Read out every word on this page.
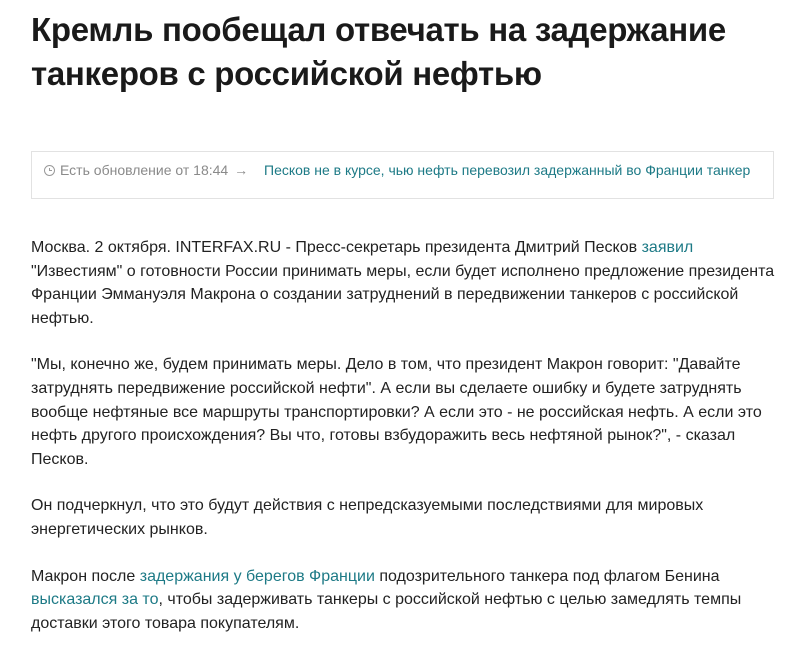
Кремль пообещал отвечать на задержание танкеров с российской нефтью
Есть обновление от 18:44 → Песков не в курсе, чью нефть перевозил задержанный во Франции танкер

Москва. 2 октября. INTERFAX.RU - Пресс-секретарь президента Дмитрий Песков заявил "Известиям" о готовности России принимать меры, если будет исполнено предложение президента Франции Эммануэля Макрона о создании затруднений в передвижении танкеров с российской нефтью.

"Мы, конечно же, будем принимать меры. Дело в том, что президент Макрон говорит: "Давайте затруднять передвижение российской нефти". А если вы сделаете ошибку и будете затруднять вообще нефтяные все маршруты транспортировки? А если это - не российская нефть. А если это нефть другого происхождения? Вы что, готовы взбудоражить весь нефтяной рынок?", - сказал Песков.

Он подчеркнул, что это будут действия с непредсказуемыми последствиями для мировых энергетических рынков.

Макрон после задержания у берегов Франции подозрительного танкера под флагом Бенина высказался за то, чтобы задерживать танкеры с российской нефтью с целью замедлять темпы доставки этого товара покупателям.
